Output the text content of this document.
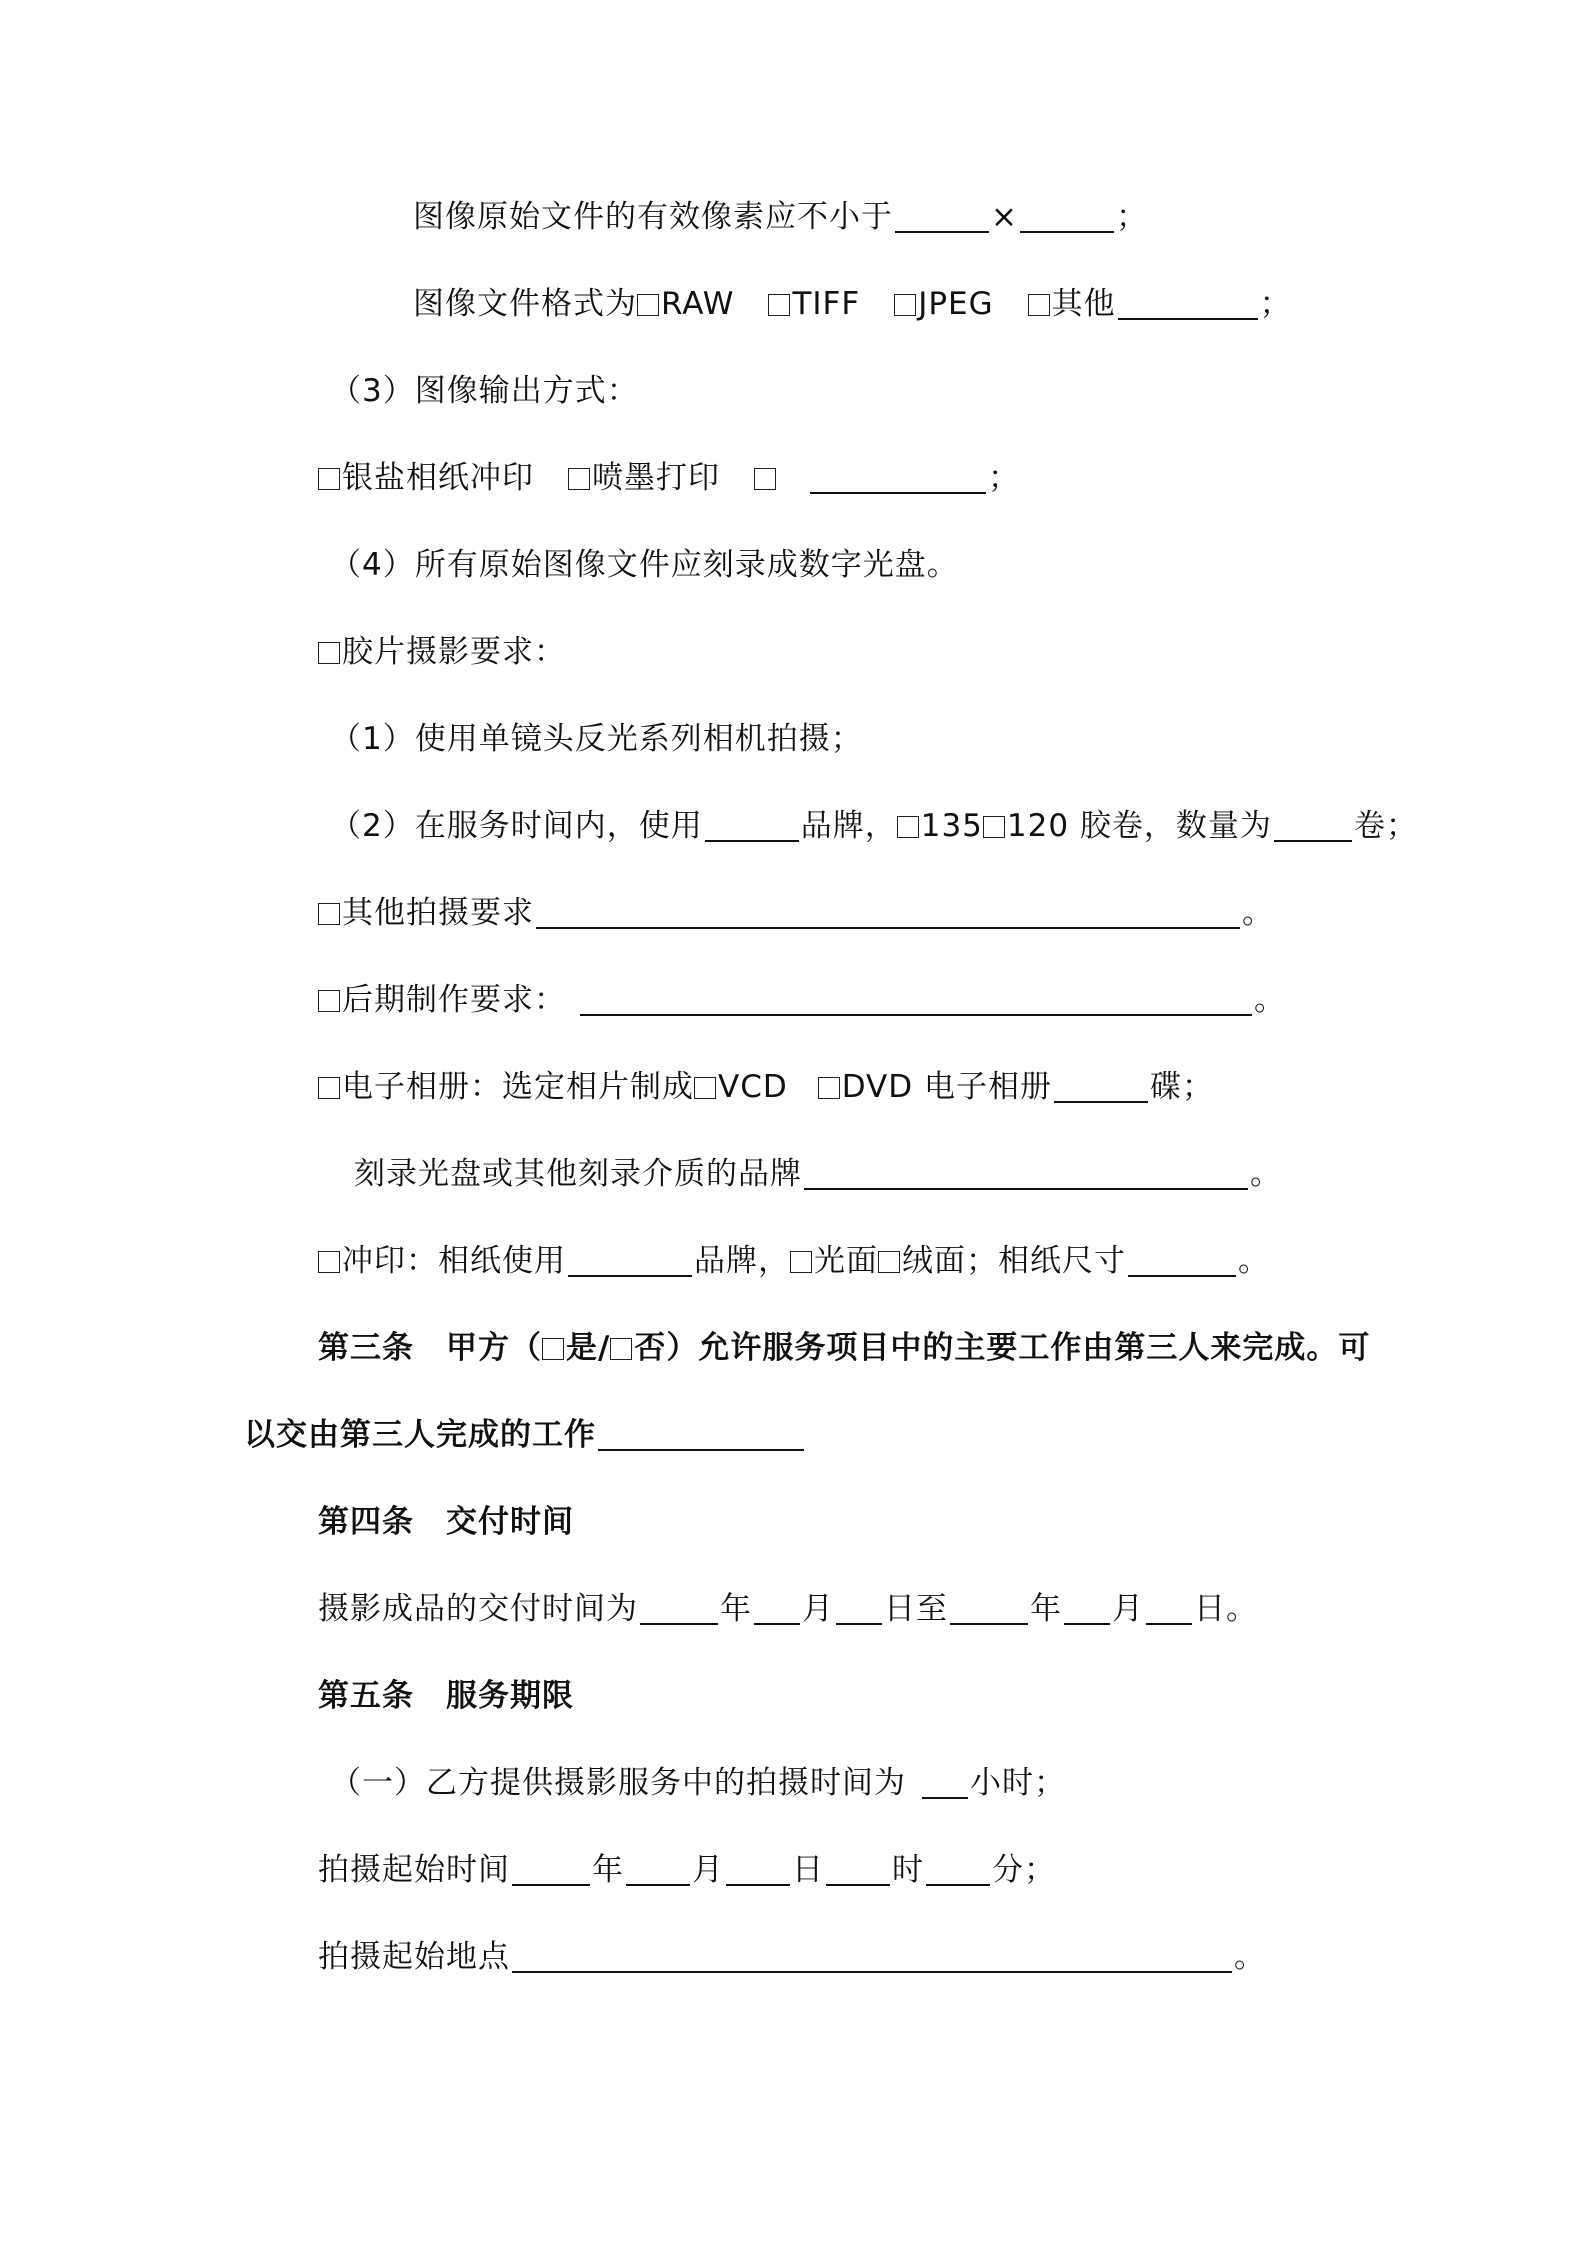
图像原始文件的有效像素应不小于	×	；
图像文件格式为 RAW TIFF JPEG 其他	；
（3）图像输出方式：
银盐相纸冲印 喷墨打印	；
（4）所有原始图像文件应刻录成数字光盘。
胶片摄影要求：
（1）使用单镜头反光系列相机拍摄；
（2）在服务时间内，使用	品牌， 135 120 胶卷，数量为	卷；
其他拍摄要求	。
后期制作要求：	。
电子相册：选定相片制成 VCD DVD 电子相册	碟；
刻录光盘或其他刻录介质的品牌	。
冲印：相纸使用	品牌， 光面 绒面；相纸尺寸	。
第三条　甲方（ 是/ 否）允许服务项目中的主要工作由第三人来完成。可
以交由第三人完成的工作
第四条　交付时间
摄影成品的交付时间为	年 月 日至	年 月 日。
第五条　服务期限
（一）乙方提供摄影服务中的拍摄时间为 小时；
拍摄起始时间	年 月 日 时 分；
拍摄起始地点	。
